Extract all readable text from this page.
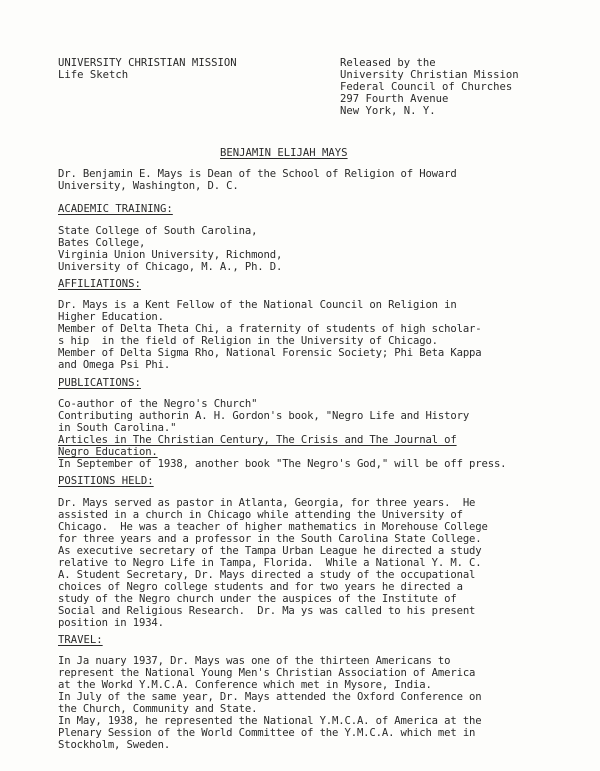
UNIVERSITY CHRISTIAN MISSION
Life Sketch
Released by the
University Christian Mission
Federal Council of Churches
297 Fourth Avenue
New York, N. Y.
BENJAMIN ELIJAH MAYS
Dr. Benjamin E. Mays is Dean of the School of Religion of Howard
University, Washington, D. C.
ACADEMIC TRAINING:
State College of South Carolina,
Bates College,
Virginia Union University, Richmond,
University of Chicago, M. A., Ph. D.
AFFILIATIONS:
Dr. Mays is a Kent Fellow of the National Council on Religion in
Higher Education.
Member of Delta Theta Chi, a fraternity of students of high scholar-
s hip  in the field of Religion in the University of Chicago.
Member of Delta Sigma Rho, National Forensic Society; Phi Beta Kappa
and Omega Psi Phi.
PUBLICATIONS:
Co-author of the Negro's Church"
Contributing authorin A. H. Gordon's book, "Negro Life and History
in South Carolina."
Articles in The Christian Century, The Crisis and The Journal of
Negro Education.
In September of 1938, another book "The Negro's God," will be off press.
POSITIONS HELD:
Dr. Mays served as pastor in Atlanta, Georgia, for three years.  He
assisted in a church in Chicago while attending the University of
Chicago.  He was a teacher of higher mathematics in Morehouse College
for three years and a professor in the South Carolina State College.
As executive secretary of the Tampa Urban League he directed a study
relative to Negro Life in Tampa, Florida.  While a National Y. M. C.
A. Student Secretary, Dr. Mays directed a study of the occupational
choices of Negro college students and for two years he directed a
study of the Negro church under the auspices of the Institute of
Social and Religious Research.  Dr. Ma ys was called to his present
position in 1934.
TRAVEL:
In Ja nuary 1937, Dr. Mays was one of the thirteen Americans to
represent the National Young Men's Christian Association of America
at the Workd Y.M.C.A. Conference which met in Mysore, India.
In July of the same year, Dr. Mays attended the Oxford Conference on
the Church, Community and State.
In May, 1938, he represented the National Y.M.C.A. of America at the
Plenary Session of the World Committee of the Y.M.C.A. which met in
Stockholm, Sweden.
